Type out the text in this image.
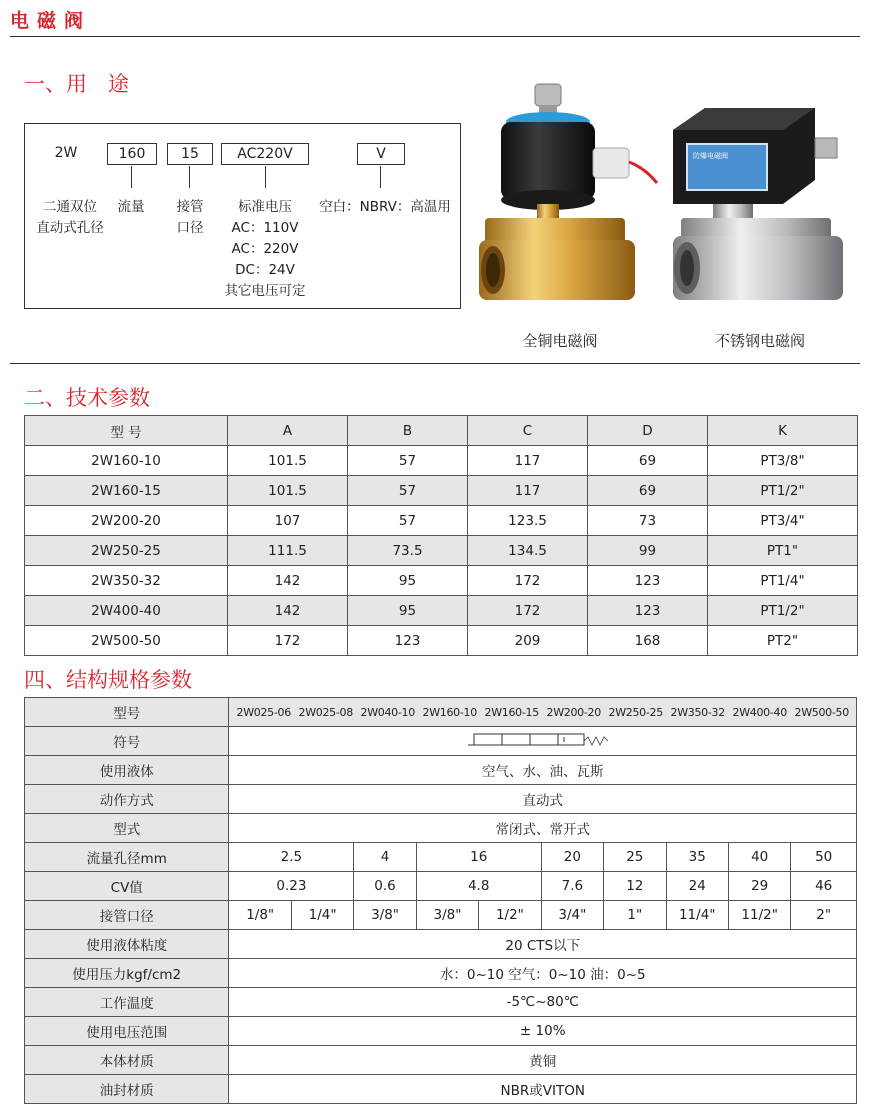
电磁阀
一、用　途
2W	160	15	AC220V	V
二通双位
直动式孔径
流量	接管
口径
标准电压
AC：110V
AC：220V
DC：24V
其它电压可定
空白：NBRV：高温用
全铜电磁阀
防爆电磁阀
不锈钢电磁阀
二、技术参数
型 号	A	B	C	D	K
2W160-10	101.5	57	117	69	PT3/8"
2W160-15	101.5	57	117	69	PT1/2"
2W200-20	107	57	123.5	73	PT3/4"
2W250-25	111.5	73.5	134.5	99	PT1"
2W350-32	142	95	172	123	PT1/4"
2W400-40	142	95	172	123	PT1/2"
2W500-50	172	123	209	168	PT2"
四、结构规格参数
型号	2W025-06 2W025-08 2W040-10 2W160-10 2W160-15 2W200-20 2W250-25 2W350-32 2W400-40 2W500-50									
符号	
使用液体	空气、水、油、瓦斯									
动作方式	直动式									
型式	常闭式、常开式									
流量孔径mm	2.5		4	16		20	25	35	40	50
CV值	0.23		0.6	4.8		7.6	12	24	29	46
接管口径	1/8"	1/4"	3/8"	3/8"	1/2"	3/4"	1"	11/4"	11/2"	2"
使用液体粘度	20 CTS以下									
使用压力kgf/cm2	水：0~10 空气：0~10 油：0~5									
工作温度	-5℃~80℃									
使用电压范围	± 10%									
本体材质	黄铜									
油封材质	NBR或VITON									
